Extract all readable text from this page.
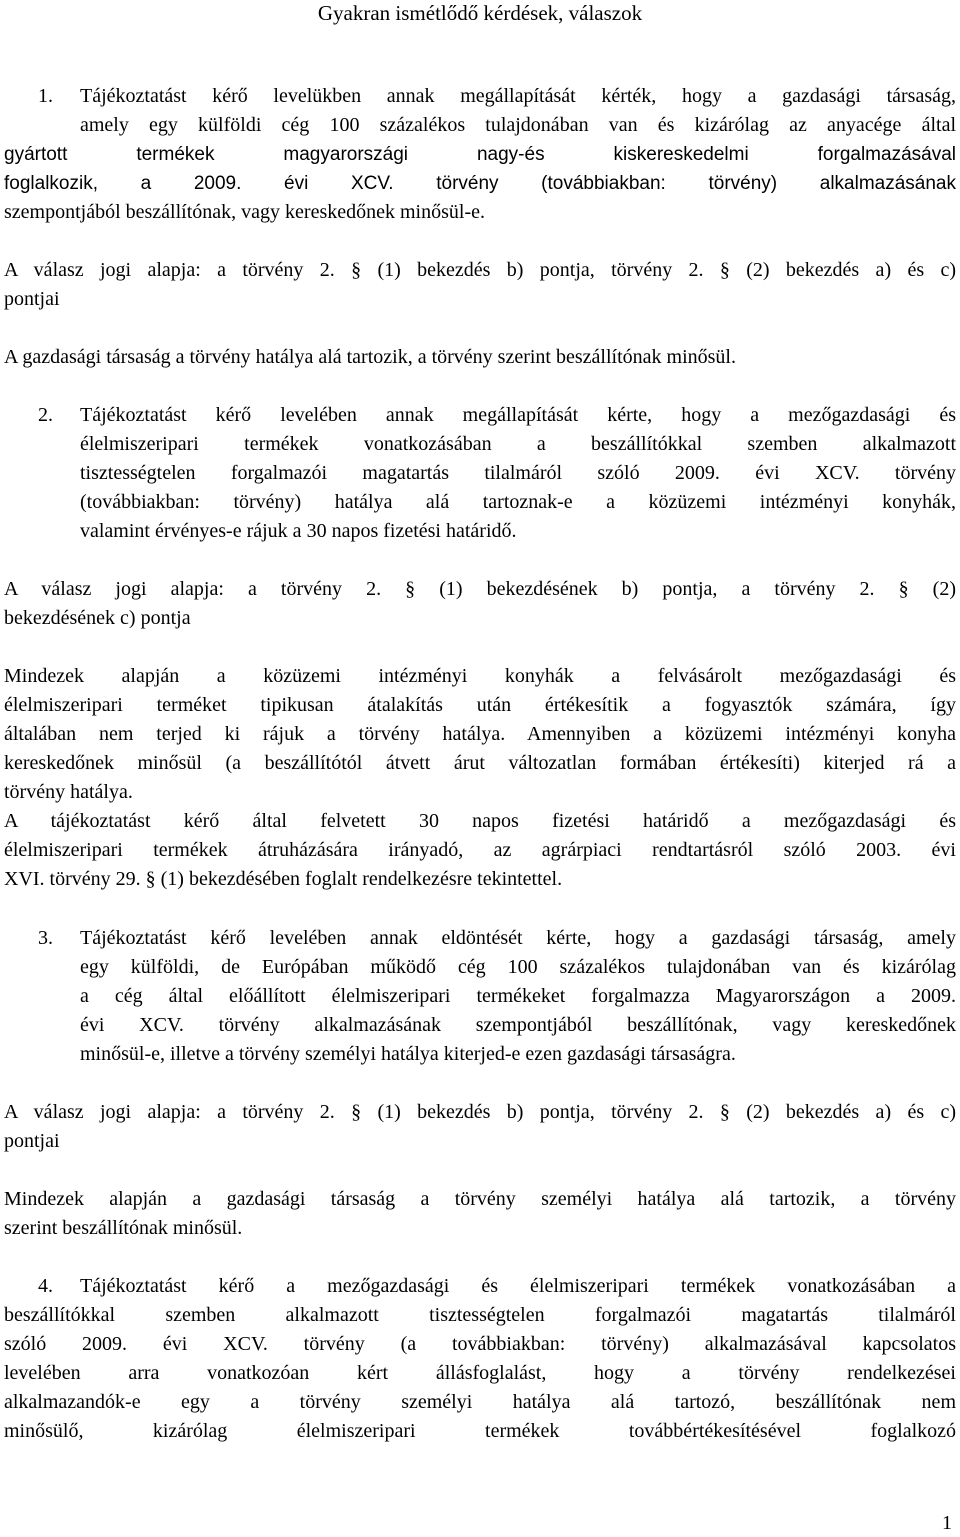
Gyakran ismétlődő kérdések, válaszok
1. Tájékoztatást kérő levelükben annak megállapítását kérték, hogy a gazdasági társaság,
amely egy külföldi cég 100 százalékos tulajdonában van és kizárólag az anyacége által
gyártott termékek magyarországi nagy-és kiskereskedelmi forgalmazásával
foglalkozik, a 2009. évi XCV. törvény (továbbiakban: törvény) alkalmazásának
szempontjából beszállítónak, vagy kereskedőnek minősül-e.
A válasz jogi alapja: a törvény 2. § (1) bekezdés b) pontja, törvény 2. § (2) bekezdés a) és c)
pontjai
A gazdasági társaság a törvény hatálya alá tartozik, a törvény szerint beszállítónak minősül.
2. Tájékoztatást kérő levelében annak megállapítását kérte, hogy a mezőgazdasági és
élelmiszeripari termékek vonatkozásában a beszállítókkal szemben alkalmazott
tisztességtelen forgalmazói magatartás tilalmáról szóló 2009. évi XCV. törvény
(továbbiakban: törvény) hatálya alá tartoznak-e a közüzemi intézményi konyhák,
valamint érvényes-e rájuk a 30 napos fizetési határidő.
A válasz jogi alapja: a törvény 2. § (1) bekezdésének b) pontja, a törvény 2. § (2)
bekezdésének c) pontja
Mindezek alapján a közüzemi intézményi konyhák a felvásárolt mezőgazdasági és
élelmiszeripari terméket tipikusan átalakítás után értékesítik a fogyasztók számára, így
általában nem terjed ki rájuk a törvény hatálya. Amennyiben a közüzemi intézményi konyha
kereskedőnek minősül (a beszállítótól átvett árut változatlan formában értékesíti) kiterjed rá a
törvény hatálya.
A tájékoztatást kérő által felvetett 30 napos fizetési határidő a mezőgazdasági és
élelmiszeripari termékek átruházására irányadó, az agrárpiaci rendtartásról szóló 2003. évi
XVI. törvény 29. § (1) bekezdésében foglalt rendelkezésre tekintettel.
3. Tájékoztatást kérő levelében annak eldöntését kérte, hogy a gazdasági társaság, amely
egy külföldi, de Európában működő cég 100 százalékos tulajdonában van és kizárólag
a cég által előállított élelmiszeripari termékeket forgalmazza Magyarországon a 2009.
évi XCV. törvény alkalmazásának szempontjából beszállítónak, vagy kereskedőnek
minősül-e, illetve a törvény személyi hatálya kiterjed-e ezen gazdasági társaságra.
A válasz jogi alapja: a törvény 2. § (1) bekezdés b) pontja, törvény 2. § (2) bekezdés a) és c)
pontjai
Mindezek alapján a gazdasági társaság a törvény személyi hatálya alá tartozik, a törvény
szerint beszállítónak minősül.
4. Tájékoztatást kérő a mezőgazdasági és élelmiszeripari termékek vonatkozásában a
beszállítókkal szemben alkalmazott tisztességtelen forgalmazói magatartás tilalmáról
szóló 2009. évi XCV. törvény (a továbbiakban: törvény) alkalmazásával kapcsolatos
levelében arra vonatkozóan kért állásfoglalást, hogy a törvény rendelkezései
alkalmazandók-e egy a törvény személyi hatálya alá tartozó, beszállítónak nem
minősülő, kizárólag élelmiszeripari termékek továbbértékesítésével foglalkozó
1
